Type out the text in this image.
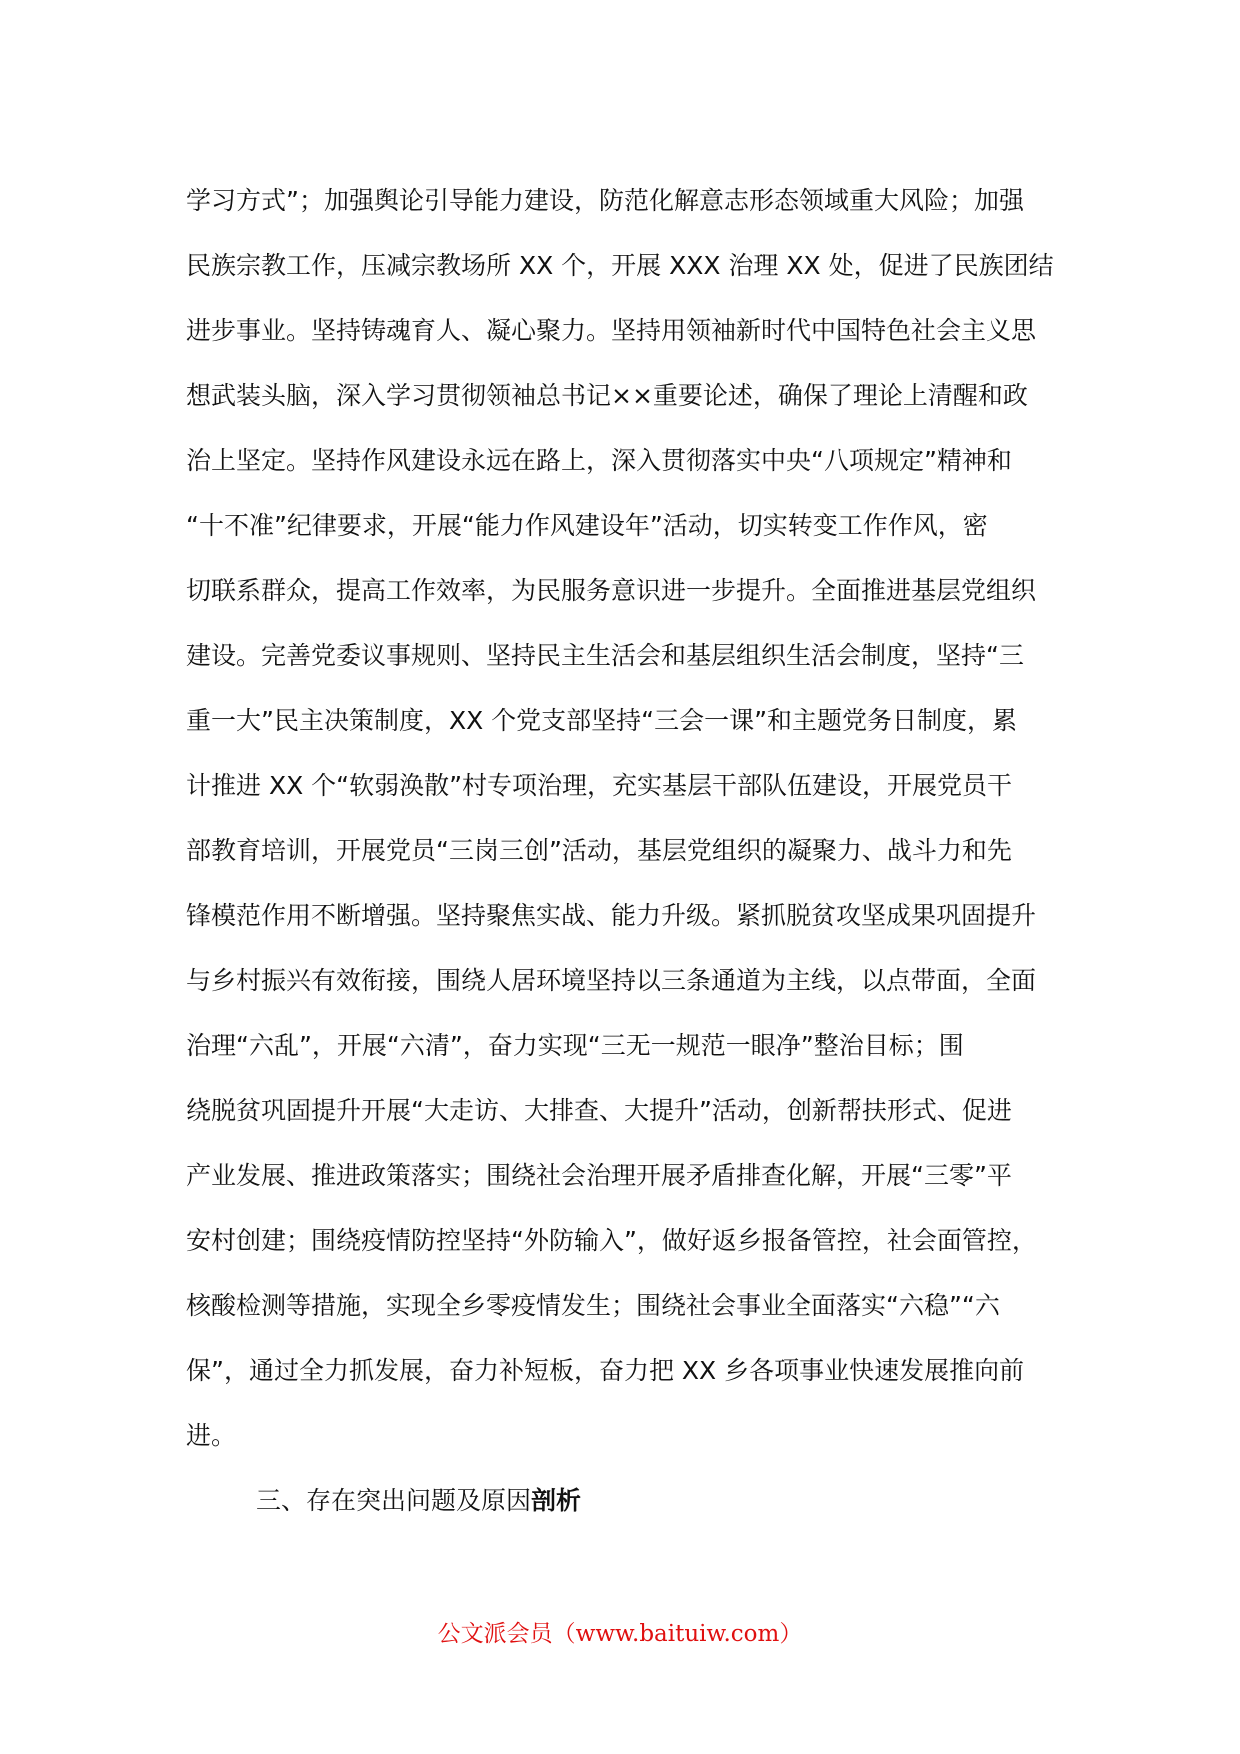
学习方式”；加强舆论引导能力建设，防范化解意志形态领域重大风险；加强
民族宗教工作，压减宗教场所 XX 个，开展 XXX 治理 XX 处，促进了民族团结
进步事业。坚持铸魂育人、凝心聚力。坚持用领袖新时代中国特色社会主义思
想武装头脑，深入学习贯彻领袖总书记××重要论述，确保了理论上清醒和政
治上坚定。坚持作风建设永远在路上，深入贯彻落实中央“八项规定”精神和
“十不准”纪律要求，开展“能力作风建设年”活动，切实转变工作作风，密
切联系群众，提高工作效率，为民服务意识进一步提升。全面推进基层党组织
建设。完善党委议事规则、坚持民主生活会和基层组织生活会制度，坚持“三
重一大”民主决策制度，XX 个党支部坚持“三会一课”和主题党务日制度，累
计推进 XX 个“软弱涣散”村专项治理，充实基层干部队伍建设，开展党员干
部教育培训，开展党员“三岗三创”活动，基层党组织的凝聚力、战斗力和先
锋模范作用不断增强。坚持聚焦实战、能力升级。紧抓脱贫攻坚成果巩固提升
与乡村振兴有效衔接，围绕人居环境坚持以三条通道为主线，以点带面，全面
治理“六乱”，开展“六清”，奋力实现“三无一规范一眼净”整治目标；围
绕脱贫巩固提升开展“大走访、大排查、大提升”活动，创新帮扶形式、促进
产业发展、推进政策落实；围绕社会治理开展矛盾排查化解，开展“三零”平
安村创建；围绕疫情防控坚持“外防输入”，做好返乡报备管控，社会面管控，
核酸检测等措施，实现全乡零疫情发生；围绕社会事业全面落实“六稳”“六
保”，通过全力抓发展，奋力补短板，奋力把 XX 乡各项事业快速发展推向前
进。
三、存在突出问题及原因剖析
公文派会员（www.baituiw.com）
